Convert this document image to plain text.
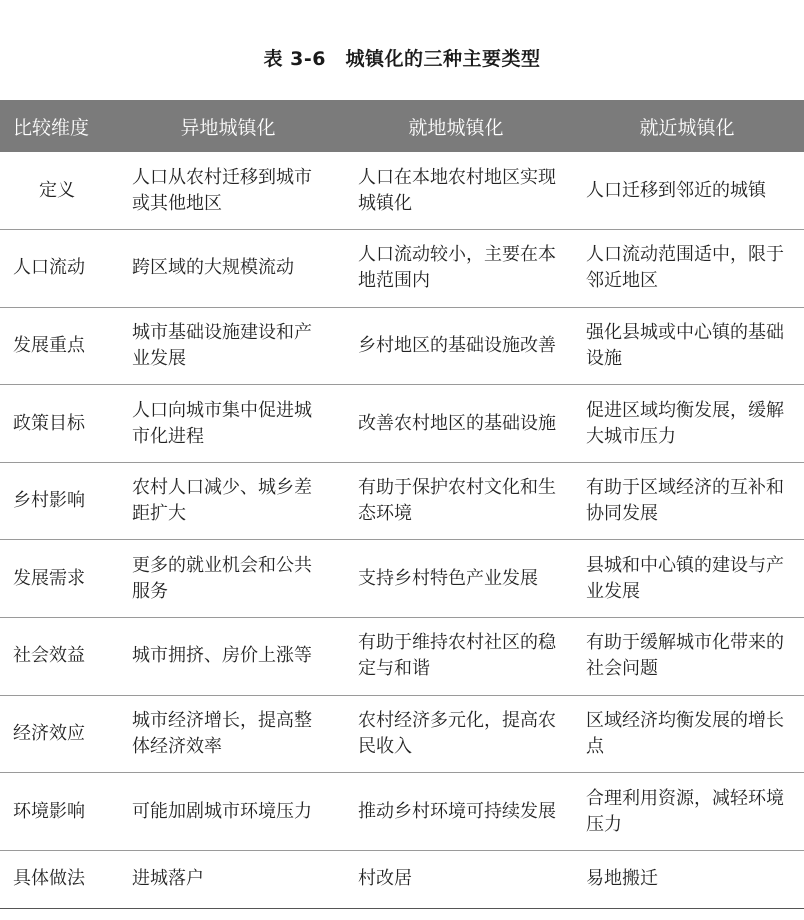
表 3-6　城镇化的三种主要类型
比较维度	异地城镇化	就地城镇化	就近城镇化
定义	人口从农村迁移到城市或其他地区	人口在本地农村地区实现城镇化	人口迁移到邻近的城镇
人口流动	跨区域的大规模流动	人口流动较小，主要在本地范围内	人口流动范围适中，限于邻近地区
发展重点	城市基础设施建设和产业发展	乡村地区的基础设施改善	强化县城或中心镇的基础设施
政策目标	人口向城市集中促进城市化进程	改善农村地区的基础设施	促进区域均衡发展，缓解大城市压力
乡村影响	农村人口减少、城乡差距扩大	有助于保护农村文化和生态环境	有助于区域经济的互补和协同发展
发展需求	更多的就业机会和公共服务	支持乡村特色产业发展	县城和中心镇的建设与产业发展
社会效益	城市拥挤、房价上涨等	有助于维持农村社区的稳定与和谐	有助于缓解城市化带来的社会问题
经济效应	城市经济增长，提高整体经济效率	农村经济多元化，提高农民收入	区域经济均衡发展的增长点
环境影响	可能加剧城市环境压力	推动乡村环境可持续发展	合理利用资源，减轻环境压力
具体做法	进城落户	村改居	易地搬迁
